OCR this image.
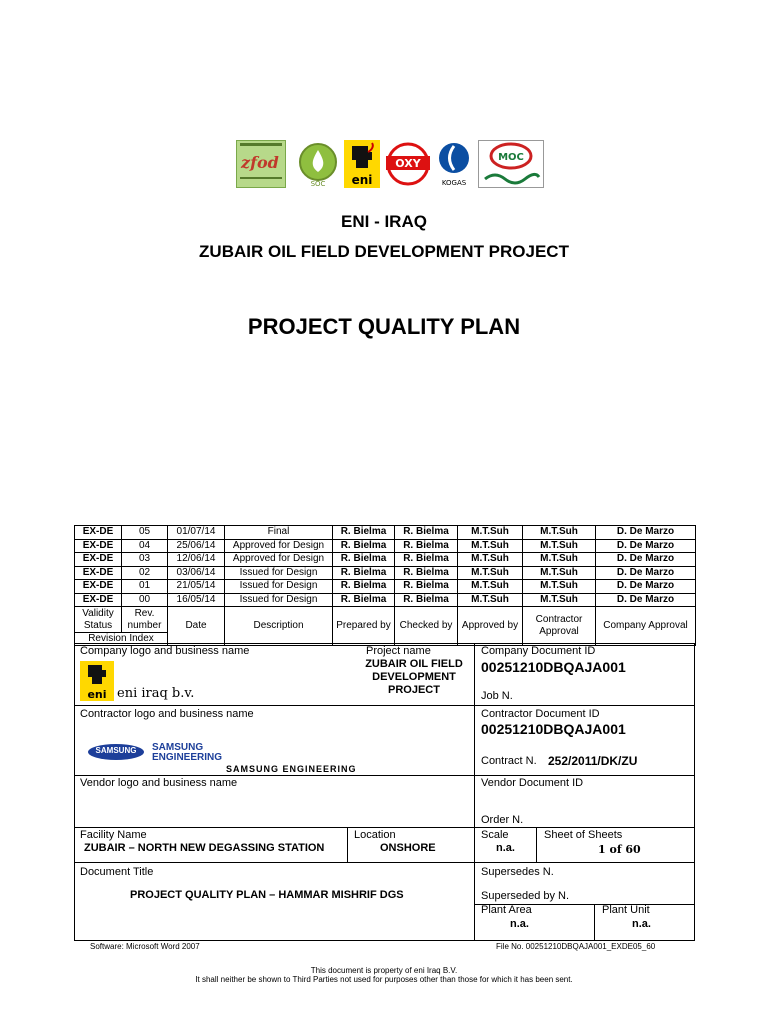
zfod
SOC eni
OXY
KOGAS
MOC
ENI - IRAQ
ZUBAIR OIL FIELD DEVELOPMENT PROJECT
PROJECT QUALITY PLAN
EX-DE	05	01/07/14	Final	R. Bielma	R. Bielma	M.T.Suh	M.T.Suh	D. De Marzo
EX-DE	04	25/06/14	Approved for Design	R. Bielma	R. Bielma	M.T.Suh	M.T.Suh	D. De Marzo
EX-DE	03	12/06/14	Approved for Design	R. Bielma	R. Bielma	M.T.Suh	M.T.Suh	D. De Marzo
EX-DE	02	03/06/14	Issued for Design	R. Bielma	R. Bielma	M.T.Suh	M.T.Suh	D. De Marzo
EX-DE	01	21/05/14	Issued for Design	R. Bielma	R. Bielma	M.T.Suh	M.T.Suh	D. De Marzo
EX-DE	00	16/05/14	Issued for Design	R. Bielma	R. Bielma	M.T.Suh	M.T.Suh	D. De Marzo
Validity Status	Rev. number	Date	Description	Prepared by	Checked by	Approved by	Contractor Approval	Company Approval
Revision Index								
Company logo and business name
eni eni iraq b.v.
Project name
ZUBAIR OIL FIELD DEVELOPMENT PROJECT
Company Document ID
00251210DBQAJA001
Job N.
Contractor logo and business name
SAMSUNG	SAMSUNG
ENGINEERING
SAMSUNG ENGINEERING
Contractor Document ID
00251210DBQAJA001
Contract N. 252/2011/DK/ZU
Vendor logo and business name	Vendor Document ID
Order N.
Facility Name
ZUBAIR – NORTH NEW DEGASSING STATION
Location
ONSHORE
Scale
n.a.
Sheet of Sheets
1 of 60
Document Title
PROJECT QUALITY PLAN – HAMMAR MISHRIF DGS
Supersedes N.
Superseded by N.
Plant Area
n.a.
Plant Unit
n.a.
Software: Microsoft Word 2007	File No. 00251210DBQAJA001_EXDE05_60
This document is property of eni Iraq B.V.
It shall neither be shown to Third Parties not used for purposes other than those for which it has been sent.
